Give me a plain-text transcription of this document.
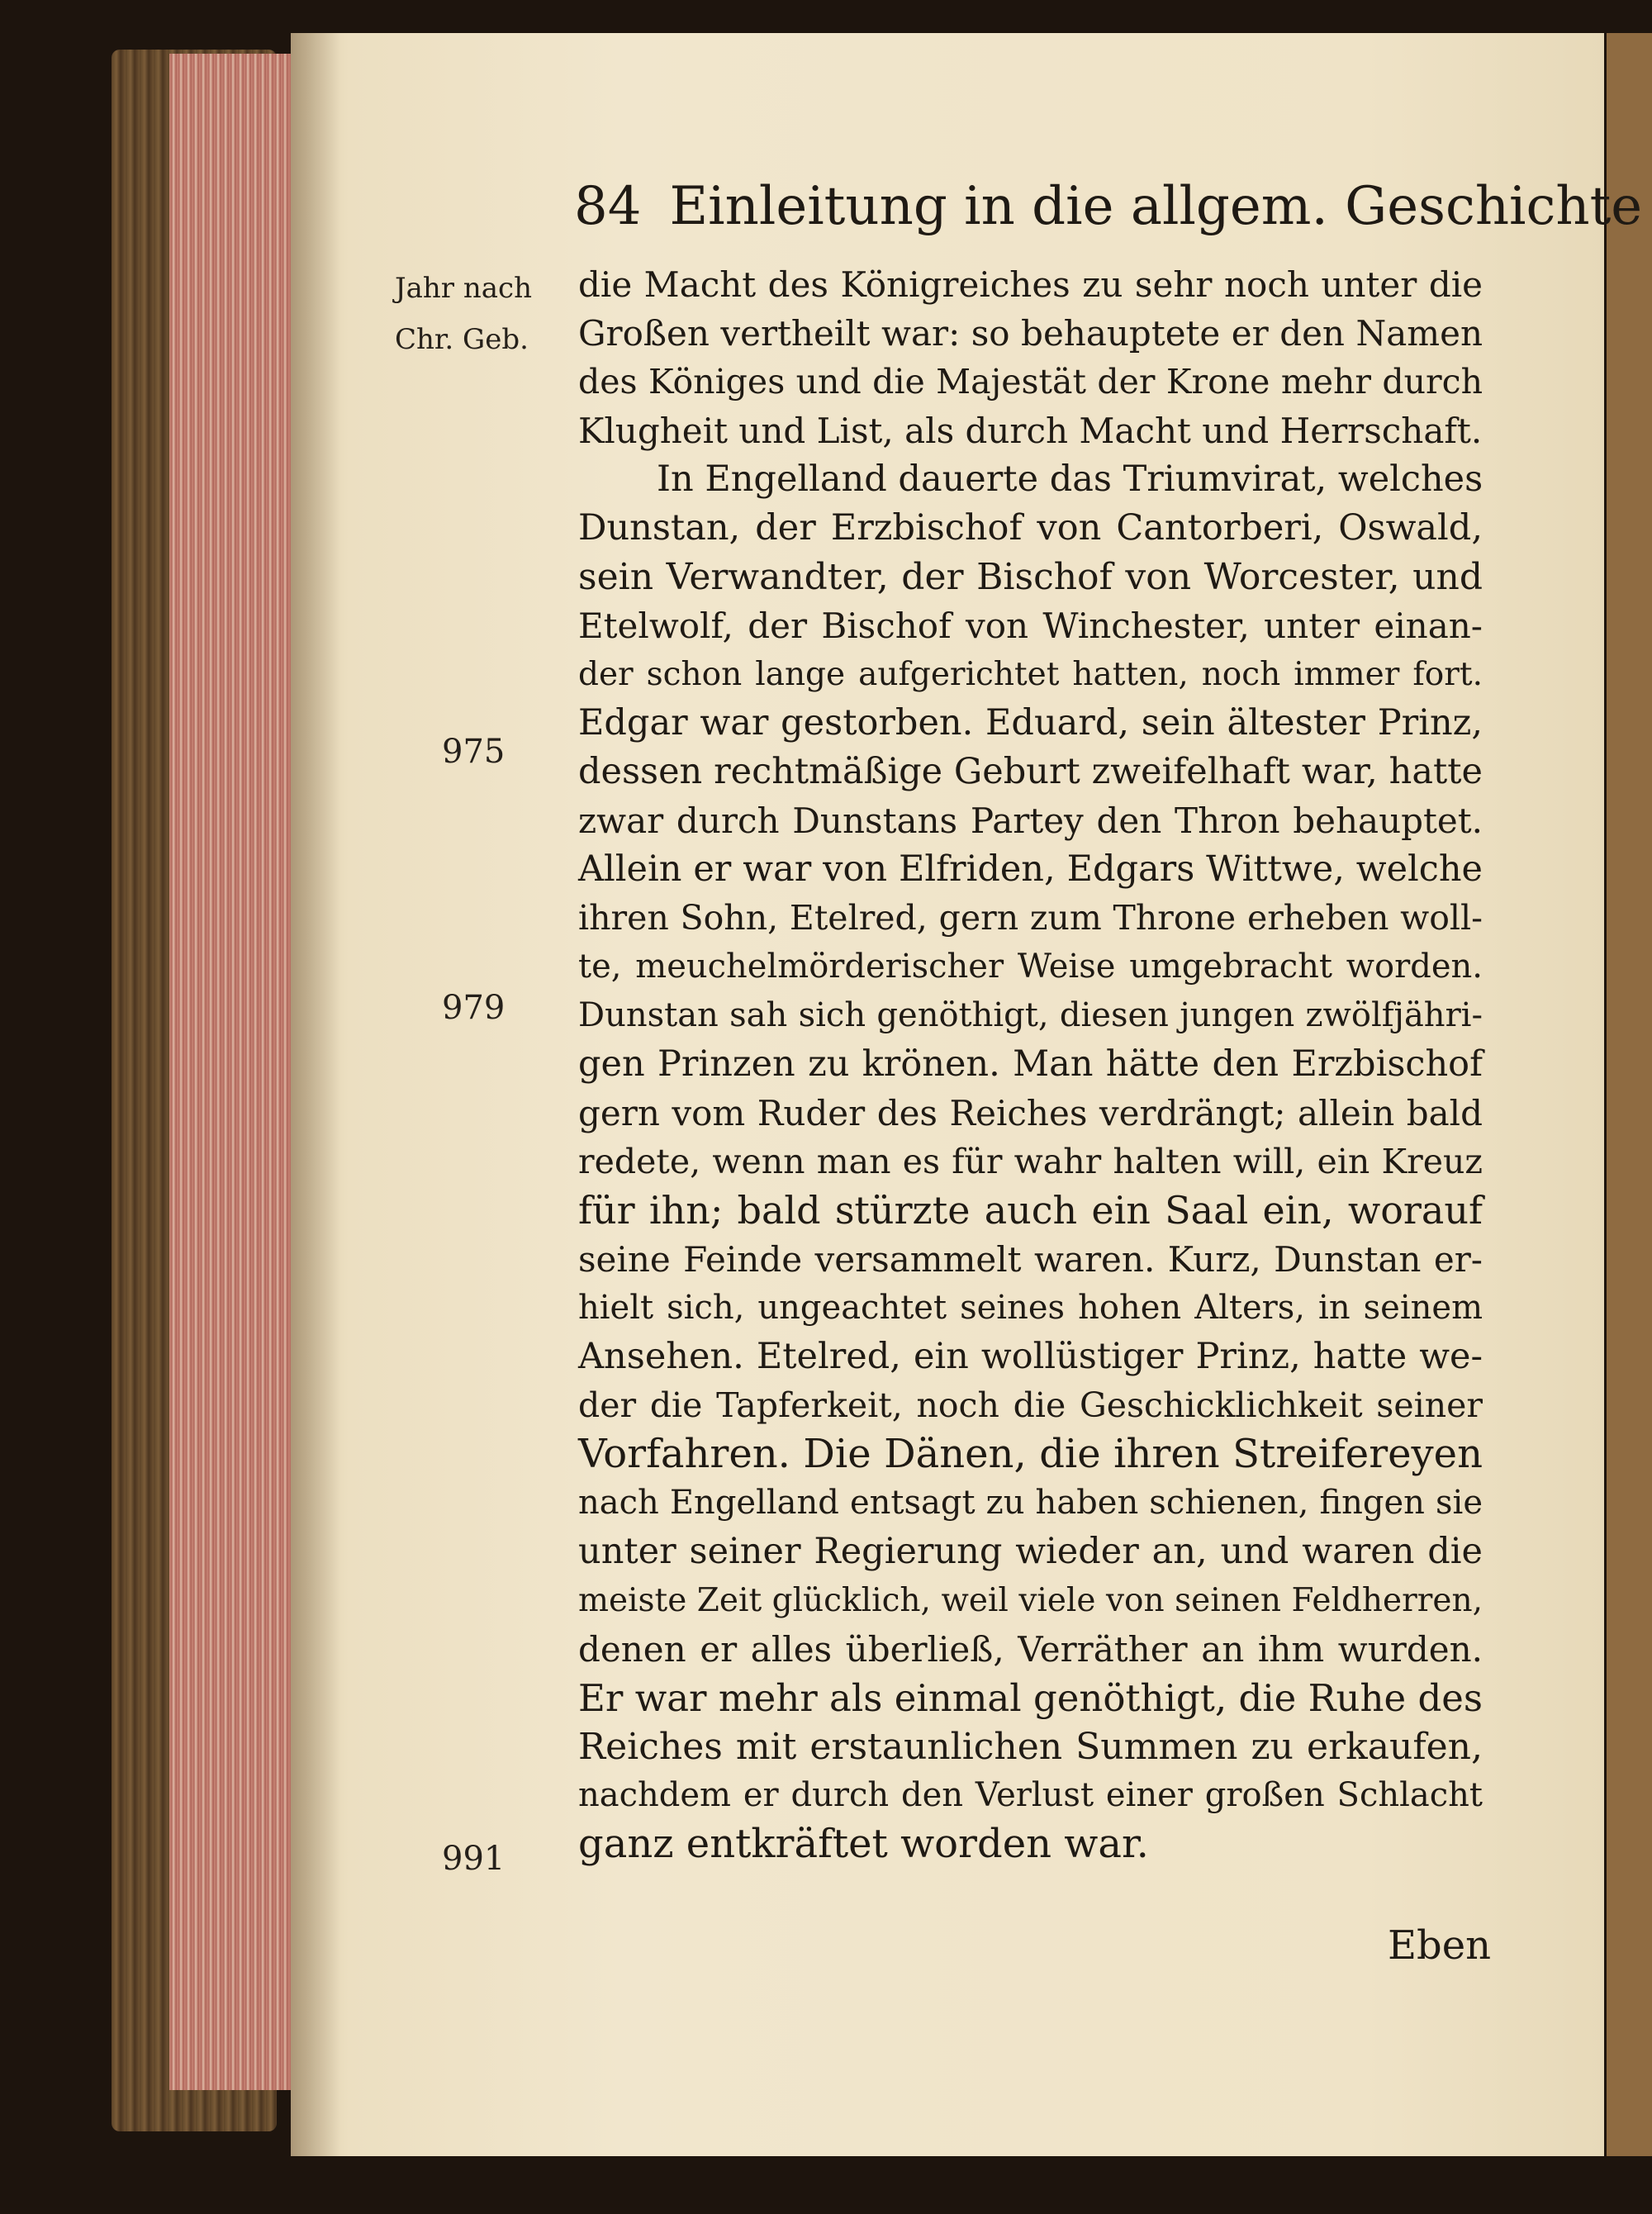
84 Einleitung in die allgem. Geschichte
Jahr nach
Chr. Geb.
975
979
991
die Macht des Königreiches zu sehr noch unter die
Großen vertheilt war: so behauptete er den Namen
des Königes und die Majestät der Krone mehr durch
Klugheit und List, als durch Macht und Herrschaft.
In Engelland dauerte das Triumvirat, welches
Dunstan, der Erzbischof von Cantorberi, Oswald,
sein Verwandter, der Bischof von Worcester, und
Etelwolf, der Bischof von Winchester, unter einan-
der schon lange aufgerichtet hatten, noch immer fort.
Edgar war gestorben. Eduard, sein ältester Prinz,
dessen rechtmäßige Geburt zweifelhaft war, hatte
zwar durch Dunstans Partey den Thron behauptet.
Allein er war von Elfriden, Edgars Wittwe, welche
ihren Sohn, Etelred, gern zum Throne erheben woll-
te, meuchelmörderischer Weise umgebracht worden.
Dunstan sah sich genöthigt, diesen jungen zwölfjähri-
gen Prinzen zu krönen. Man hätte den Erzbischof
gern vom Ruder des Reiches verdrängt; allein bald
redete, wenn man es für wahr halten will, ein Kreuz
für ihn; bald stürzte auch ein Saal ein, worauf
seine Feinde versammelt waren. Kurz, Dunstan er-
hielt sich, ungeachtet seines hohen Alters, in seinem
Ansehen. Etelred, ein wollüstiger Prinz, hatte we-
der die Tapferkeit, noch die Geschicklichkeit seiner
Vorfahren. Die Dänen, die ihren Streifereyen
nach Engelland entsagt zu haben schienen, fingen sie
unter seiner Regierung wieder an, und waren die
meiste Zeit glücklich, weil viele von seinen Feldherren,
denen er alles überließ, Verräther an ihm wurden.
Er war mehr als einmal genöthigt, die Ruhe des
Reiches mit erstaunlichen Summen zu erkaufen,
nachdem er durch den Verlust einer großen Schlacht
ganz entkräftet worden war.
Eben
